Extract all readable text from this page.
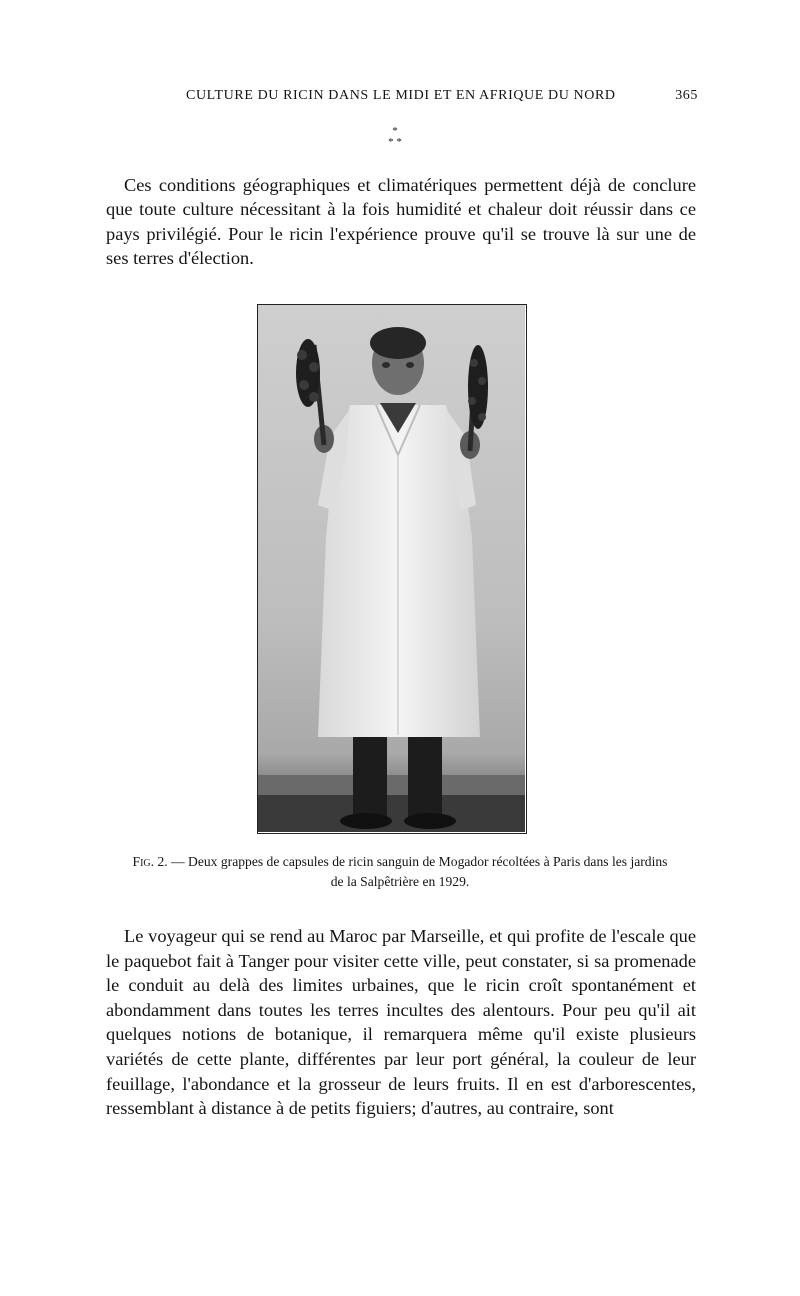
CULTURE DU RICIN DANS LE MIDI ET EN AFRIQUE DU NORD	365
*
* *

Ces conditions géographiques et climatériques permettent déjà de conclure que toute culture nécessitant à la fois humidité et chaleur doit réussir dans ce pays privilégié. Pour le ricin l'expérience prouve qu'il se trouve là sur une de ses terres d'élection.

Fig. 2. — Deux grappes de capsules de ricin sanguin de Mogador récoltées à Paris dans les jardins de la Salpêtrière en 1929.

Le voyageur qui se rend au Maroc par Marseille, et qui profite de l'escale que le paquebot fait à Tanger pour visiter cette ville, peut constater, si sa promenade le conduit au delà des limites urbaines, que le ricin croît spontanément et abondamment dans toutes les terres incultes des alentours. Pour peu qu'il ait quelques notions de botanique, il remarquera même qu'il existe plusieurs variétés de cette plante, différentes par leur port général, la couleur de leur feuillage, l'abondance et la grosseur de leurs fruits. Il en est d'arborescentes, ressemblant à distance à de petits figuiers; d'autres, au contraire, sont
